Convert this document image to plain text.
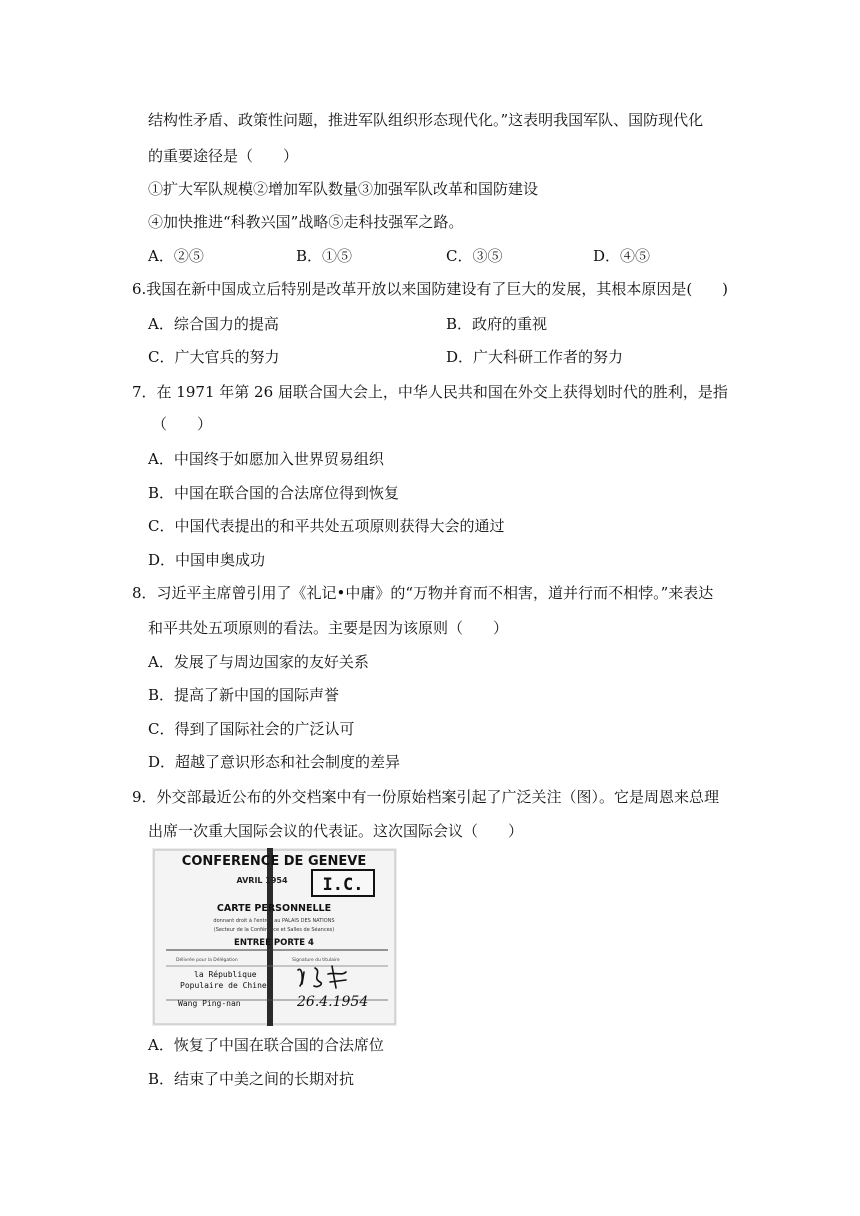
结构性矛盾、政策性问题，推进军队组织形态现代化。”这表明我国军队、国防现代化
的重要途径是（　　）
①扩大军队规模②增加军队数量③加强军队改革和国防建设
④加快推进“科教兴国”战略⑤走科技强军之路。
A．②⑤	B．①⑤	C．③⑤	D．④⑤
6.我国在新中国成立后特别是改革开放以来国防建设有了巨大的发展，其根本原因是(　　)
A．综合国力的提高	B．政府的重视
C．广大官兵的努力	D．广大科研工作者的努力
7．在 1971 年第 26 届联合国大会上，中华人民共和国在外交上获得划时代的胜利，是指
（　　）
A．中国终于如愿加入世界贸易组织
B．中国在联合国的合法席位得到恢复
C．中国代表提出的和平共处五项原则获得大会的通过
D．中国申奥成功
8．习近平主席曾引用了《礼记•中庸》的“万物并育而不相害，道并行而不相悖。”来表达
和平共处五项原则的看法。主要是因为该原则（　　）
A．发展了与周边国家的友好关系
B．提高了新中国的国际声誉
C．得到了国际社会的广泛认可
D．超越了意识形态和社会制度的差异
9．外交部最近公布的外交档案中有一份原始档案引起了广泛关注（图）。它是周恩来总理
出席一次重大国际会议的代表证。这次国际会议（　　）
CONFERENCE DE GENEVE
AVRIL 1954 I.C.
CARTE PERSONNELLE
donnant droit à l'entrée au PALAIS DES NATIONS
(Secteur de la Conférence et Salles de Séances)
ENTREE PORTE 4
Délivrée pour la Délégation	Signature du titulaire
la République
Populaire de Chine
Wang Ping-nan	26.4.1954
A．恢复了中国在联合国的合法席位
B．结束了中美之间的长期对抗
